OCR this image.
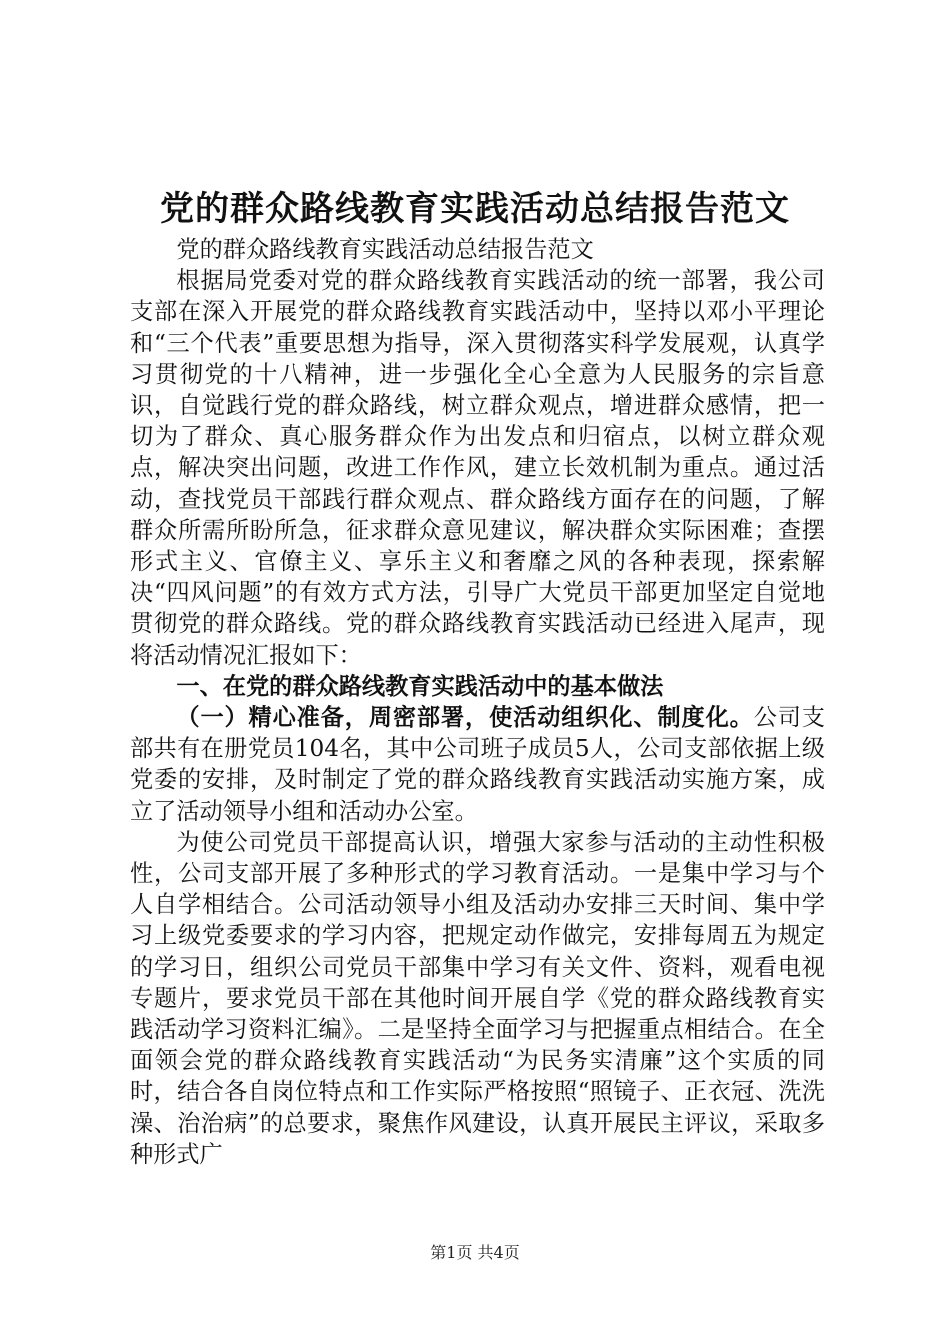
党的群众路线教育实践活动总结报告范文

党的群众路线教育实践活动总结报告范文

根据局党委对党的群众路线教育实践活动的统一部署，我公司支部在深入开展党的群众路线教育实践活动中，坚持以邓小平理论和“三个代表”重要思想为指导，深入贯彻落实科学发展观，认真学习贯彻党的十八精神，进一步强化全心全意为人民服务的宗旨意识，自觉践行党的群众路线，树立群众观点，增进群众感情，把一切为了群众、真心服务群众作为出发点和归宿点，以树立群众观点，解决突出问题，改进工作作风，建立长效机制为重点。通过活动，查找党员干部践行群众观点、群众路线方面存在的问题，了解群众所需所盼所急，征求群众意见建议，解决群众实际困难；查摆形式主义、官僚主义、享乐主义和奢靡之风的各种表现，探索解决“四风问题”的有效方式方法，引导广大党员干部更加坚定自觉地贯彻党的群众路线。党的群众路线教育实践活动已经进入尾声，现将活动情况汇报如下：

一、在党的群众路线教育实践活动中的基本做法

（一）精心准备，周密部署，使活动组织化、制度化。公司支部共有在册党员104名，其中公司班子成员5人，公司支部依据上级党委的安排，及时制定了党的群众路线教育实践活动实施方案，成立了活动领导小组和活动办公室。

为使公司党员干部提高认识，增强大家参与活动的主动性积极性，公司支部开展了多种形式的学习教育活动。一是集中学习与个人自学相结合。公司活动领导小组及活动办安排三天时间、集中学习上级党委要求的学习内容，把规定动作做完，安排每周五为规定的学习日，组织公司党员干部集中学习有关文件、资料，观看电视专题片，要求党员干部在其他时间开展自学《党的群众路线教育实践活动学习资料汇编》。二是坚持全面学习与把握重点相结合。在全面领会党的群众路线教育实践活动“为民务实清廉”这个实质的同时，结合各自岗位特点和工作实际严格按照“照镜子、正衣冠、洗洗澡、治治病”的总要求，聚焦作风建设，认真开展民主评议，采取多种形式广

第1页 共4页
